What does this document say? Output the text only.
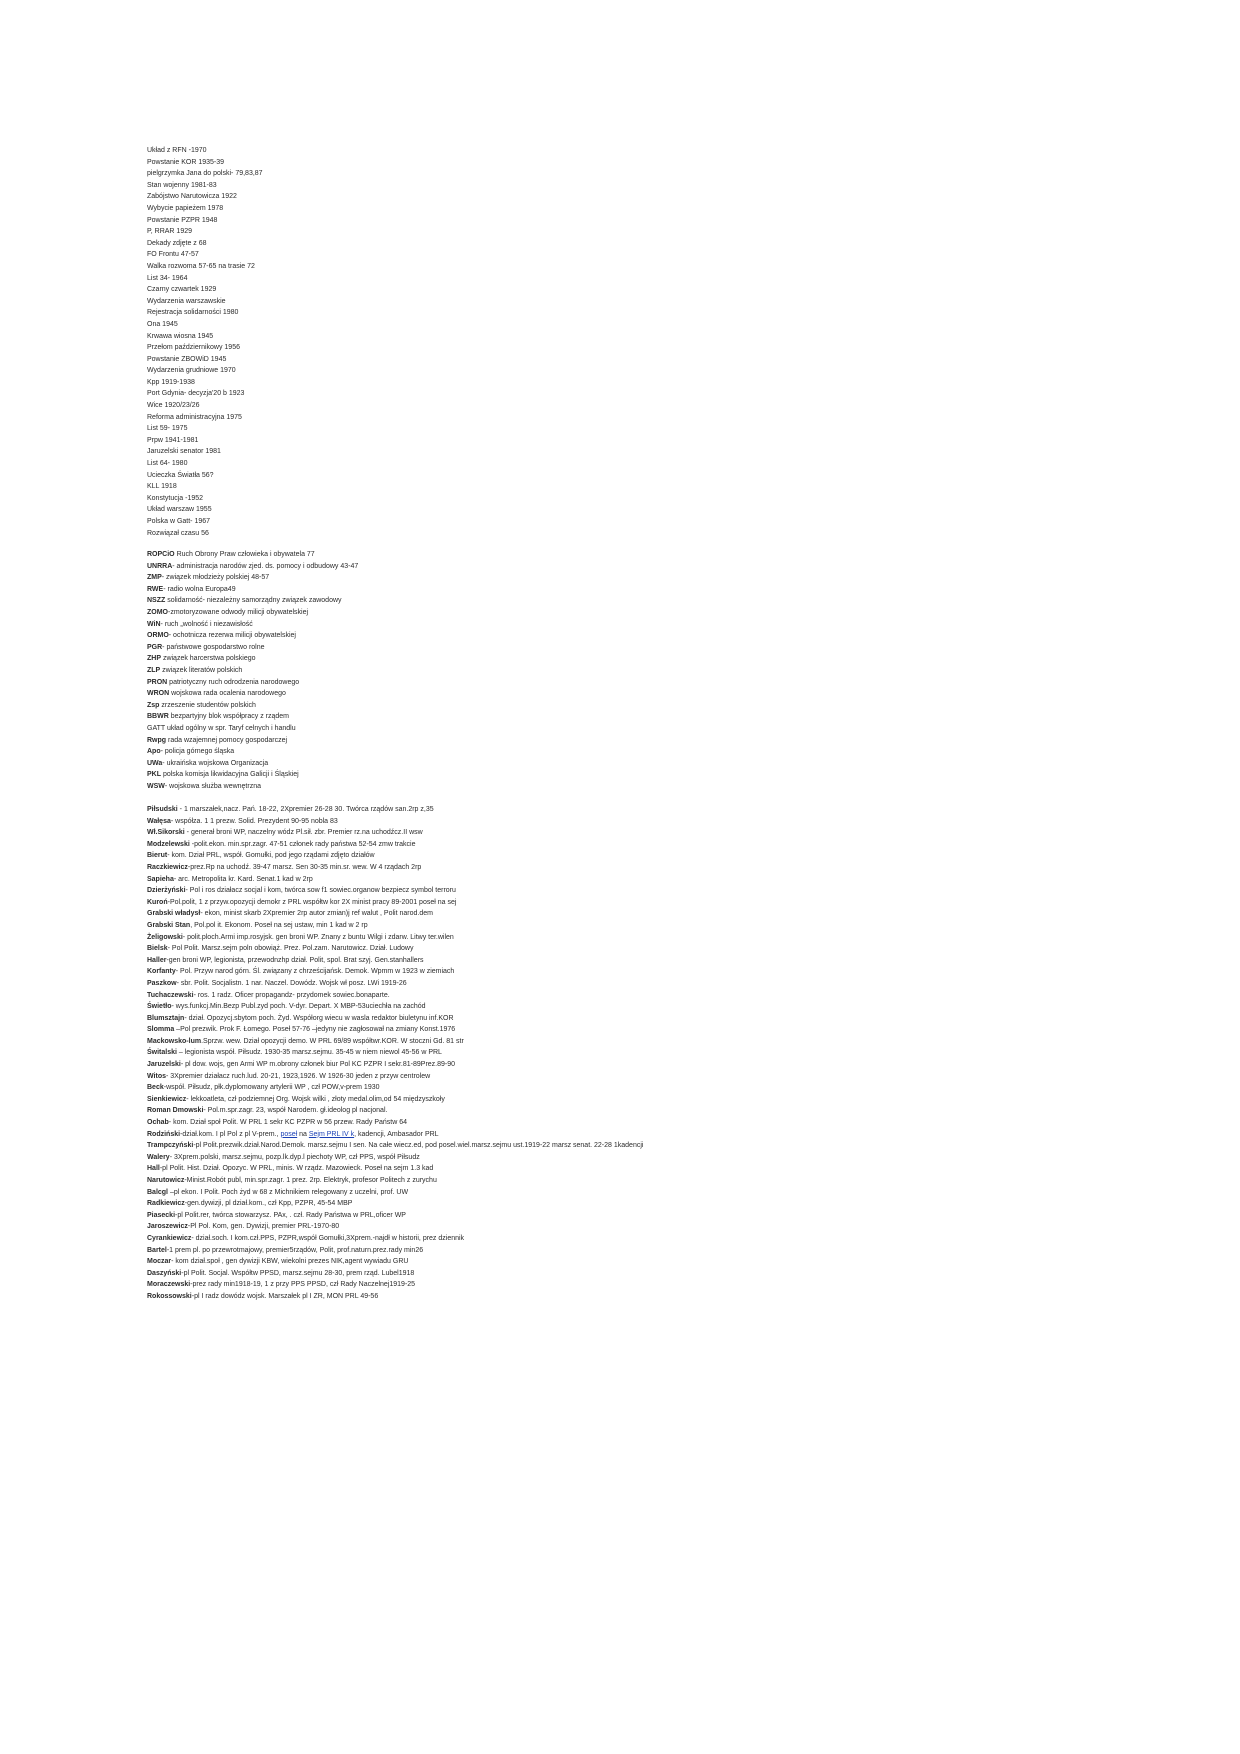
Układ z RFN -1970
Powstanie KOR 1935-39
pielgrzymka Jana do polski- 79,83,87
Stan wojenny 1981-83
Zabójstwo Narutowicza 1922
Wybycie papieżem 1978
Powstanie PZPR 1948
P, RRAR 1929
Dekady zdjęte z 68
FO Frontu 47-57
Walka rozwoma 57-65 na trasie 72
List 34- 1964
Czarny czwartek 1929
Wydarzenia warszawskie
Rejestracja solidarności 1980
Ona 1945
Krwawa wiosna 1945
Przełom październikowy 1956
Powstanie ZBOWiD 1945
Wydarzenia grudniowe 1970
Kpp 1919-1938
Port Gdynia- decyzja'20 b 1923
Wice 1920/23/26
Reforma administracyjna 1975
List 59- 1975
Prpw 1941-1981
Jaruzelski senator 1981
List 64- 1980
Ucieczka Światła 56?
KLL 1918
Konstytucja -1952
Układ warszaw 1955
Polska w Gatt- 1967
Rozwiązał czasu 56
ROPCiO Ruch Obrony Praw człowieka i obywatela 77
UNRRA- administracja narodów zjed. ds. pomocy i odbudowy 43-47
ZMP- związek młodzieży polskiej 48-57
RWE- radio wolna Europa49
NSZZ solidarność- niezależny samorządny związek zawodowy
ZOMO-zmotoryzowane odwody milicji obywatelskiej
WiN- ruch „wolność i niezawisłość
ORMO- ochotnicza rezerwa milicji obywatelskiej
PGR- państwowe gospodarstwo rolne
ZHP związek harcerstwa polskiego
ZLP związek literatów polskich
PRON patriotyczny ruch odrodzenia narodowego
WRON wojskowa rada ocalenia narodowego
Zsp zrzeszenie studentów polskich
BBWR bezpartyjny blok współpracy z rządem
GATT układ ogólny w spr. Taryf celnych i handlu
Rwpg rada wzajemnej pomocy gospodarczej
Apo- policja górnego śląska
UWa- ukraińska wojskowa Organizacja
PKL polska komisja likwidacyjna Galicji i Śląskiej
WSW- wojskowa służba wewnętrzna
Piłsudski - 1 marszałek,nacz. Pań. 18-22, 2Xpremier 26-28 30. Twórca rządów san.2rp z,35
Wałęsa- współza. 1 1 prezw. Solid. Prezydent 90-95 nobla 83
Wł.Sikorski - generał broni WP, naczelny wódz Pl.sił. zbr. Premier rz.na uchodźcz.II wsw
Modzelewski -polit.ekon. min.spr.zagr. 47-51 członek rady państwa 52-54 zmw trakcie
Bierut- kom. Dział PRL, współ. Gomułki, pod jego rządami zdjęto działów
Raczkiewicz-prez.Rp na uchodź. 39-47 marsz. Sen 30-35 min.sr. wew. W 4 rządach 2rp
Sapieha- arc. Metropolita kr. Kard. Senat.1 kad w 2rp
Dzierżyński- Pol i ros działacz socjal i kom, twórca sow f1 sowiec.organow bezpiecz symbol terroru
Kuroń-Pol.polit, 1 z przyw.opozycji demokr z PRL współtw kor 2X minist pracy 89-2001 poseł na sej
Grabski władysł- ekon, minist skarb 2Xpremier 2rp autor zmian)j ref walut , Polit narod.dem
Grabski Stan, Pol.pol it. Ekonom. Poseł na sej ustaw, min 1 kad w 2 rp
Żeligowski- polit.ploch.Armi imp.rosyjsk. gen broni WP. Znany z buntu Wilgi i zdarw. Litwy ter.wilen
Bielsk- Pol Polit. Marsz.sejm poln obowiąż. Prez. Pol.zam. Narutowicz. Dział. Ludowy
Haller-gen broni WP, legionista, przewodnzhp dział. Polit, spol. Brat szyj. Gen.stanhallers
Korfanty- Pol. Przyw narod górn. Śl. związany z chrześcijańsk. Demok. Wpmm w 1923 w ziemiach
Paszkow- sbr. Polit. Socjalistn. 1 nar. Naczel. Dowódz. Wojsk wł posz. LWi 1919-26
Tuchaczewski- ros. 1 radz. Oficer propagandz- przydomek sowiec.bonaparte.
Świetło- wys.funkcj.Min.Bezp Publ.zyd poch. V-dyr. Depart. X MBP-53uciechła na zachód
Blumsztajn- dział. Opozycj.sbytom poch. Żyd. Współorg wiecu w wasla redaktor biuletynu inf.KOR
Slomma –Pol prezwik. Prok F. Łomego. Poseł 57-76 –jedyny nie zagłosował na zmiany Konst.1976
Mackowsko-lum.Sprzw. wew. Dział opozycji demo. W PRL 69/89 współtwr.KOR. W stoczni Gd. 81 str
Świtalski – legionista współ. Piłsudz. 1930-35 marsz.sejmu. 35-45 w niem niewol 45-56 w PRL
Jaruzelski- pl dow. wojs, gen Armi WP m.obrony członek biur Pol KC PZPR I sekr.81-89Prez.89-90
Witos- 3Xpremier działacz ruch.lud. 20-21, 1923,1926. W 1926-30 jeden z przyw centrolew
Beck-współ. Piłsudz, płk.dyplomowany artylerii WP , czł POW,v-prem 1930
Sienkiewicz- lekkoatleta, czł podziemnej Org. Wojsk wilki , złoty medal.olim,od 54 międzyszkoły
Roman Dmowski- Pol.m.spr.zagr. 23, współ Narodem. gł.ideolog pl nacjonal.
Ochab- kom. Dział społ Polit. W PRL 1 sekr KC PZPR w 56 przew. Rady Państw 64
Rodziński-dział.kom. I pl Pol z pl V-prem., poseł na Sejm PRL IV k, kadencji, Ambasador PRL
Trampczyński-pl Polit.prezwik.dział.Narod.Demok. marsz.sejmu I sen. Na całe wiecz.ed, pod posel.wiel.marsz.sejmu ust.1919-22 marsz senat. 22-28 1kadencji
Walery- 3Xprem.polski, marsz.sejmu, pozp.lk.dyp.l piechoty WP, czł PPS, współ Piłsudz
Hall-pl Polit. Hist. Dział. Opozyc. W PRL, minis. W rządz. Mazowieck. Poseł na sejm 1.3 kad
Narutowicz-Minist.Robót publ, min.spr.zagr. 1 prez. 2rp. Elektryk, profesor Politech z zurychu
Balcgl –pl ekon. I Polit. Poch żyd w 68 z Michnikiem relegowany z uczelni, prof. UW
Radkiewicz-gen.dywizji, pl dział.kom., czł Kpp, PZPR, 45-54 MBP
Piasecki-pl Polit.rer, twórca stowarzysz. PAx, . czł. Rady Państwa w PRL,oficer WP
Jaroszewicz-Pl Pol. Kom, gen. Dywizji, premier PRL-1970-80
Cyrankiewicz- dział.soch. I kom.czł.PPS, PZPR,współ Gomułki,3Xprem.-najdł w historii, prez dziennik
Bartel-1 prem pl. po przewrotmajowy, premier5rządów, Polit, prof.naturn.prez.rady min26
Moczar- kom dział.społ , gen dywizji KBW, wiekolni prezes NIK,agent wywiadu GRU
Daszyński-pl Polit. Socjal. Współtw PPSD, marsz.sejmu 28-30, prem rząd. Lubel1918
Moraczewski-prez rady min1918-19, 1 z przy PPS PPSD, czł Rady Naczelnej1919-25
Rokossowski-pl I radz dowódz wojsk. Marszałek pl I ZR, MON PRL 49-56
